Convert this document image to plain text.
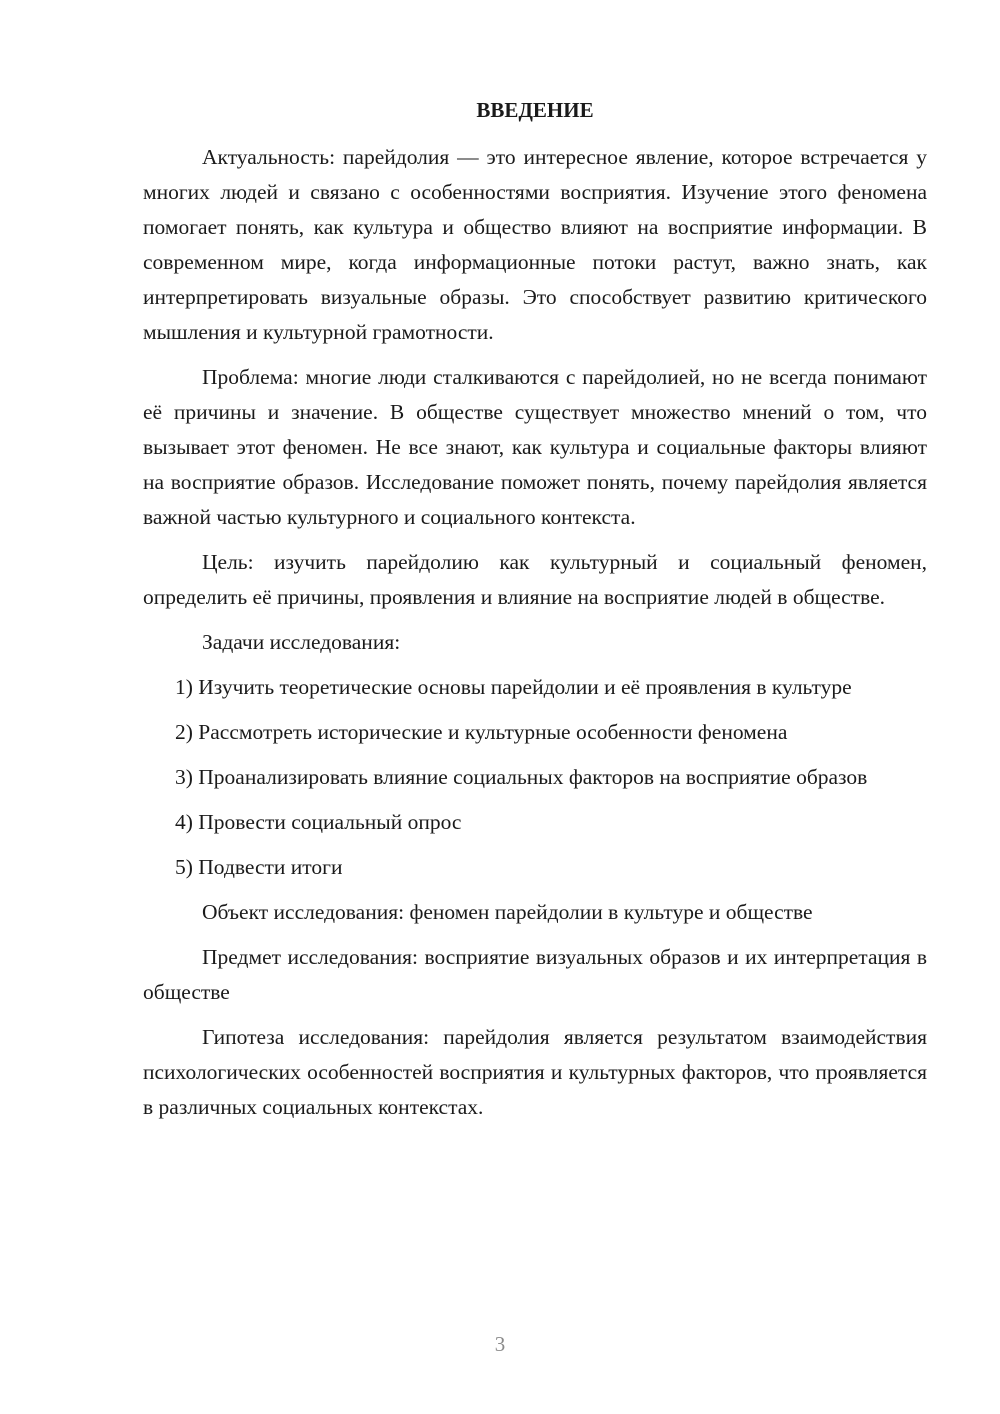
ВВЕДЕНИЕ

Актуальность: парейдолия — это интересное явление, которое встречается у многих людей и связано с особенностями восприятия. Изучение этого феномена помогает понять, как культура и общество влияют на восприятие информации. В современном мире, когда информационные потоки растут, важно знать, как интерпретировать визуальные образы. Это способствует развитию критического мышления и культурной грамотности.

Проблема: многие люди сталкиваются с парейдолией, но не всегда понимают её причины и значение. В обществе существует множество мнений о том, что вызывает этот феномен. Не все знают, как культура и социальные факторы влияют на восприятие образов. Исследование поможет понять, почему парейдолия является важной частью культурного и социального контекста.

Цель: изучить парейдолию как культурный и социальный феномен, определить её причины, проявления и влияние на восприятие людей в обществе.

Задачи исследования:

1) Изучить теоретические основы парейдолии и её проявления в культуре

2) Рассмотреть исторические и культурные особенности феномена

3) Проанализировать влияние социальных факторов на восприятие образов

4) Провести социальный опрос

5) Подвести итоги

Объект исследования: феномен парейдолии в культуре и обществе

Предмет исследования: восприятие визуальных образов и их интерпретация в обществе

Гипотеза исследования: парейдолия является результатом взаимодействия психологических особенностей восприятия и культурных факторов, что проявляется в различных социальных контекстах.

3
